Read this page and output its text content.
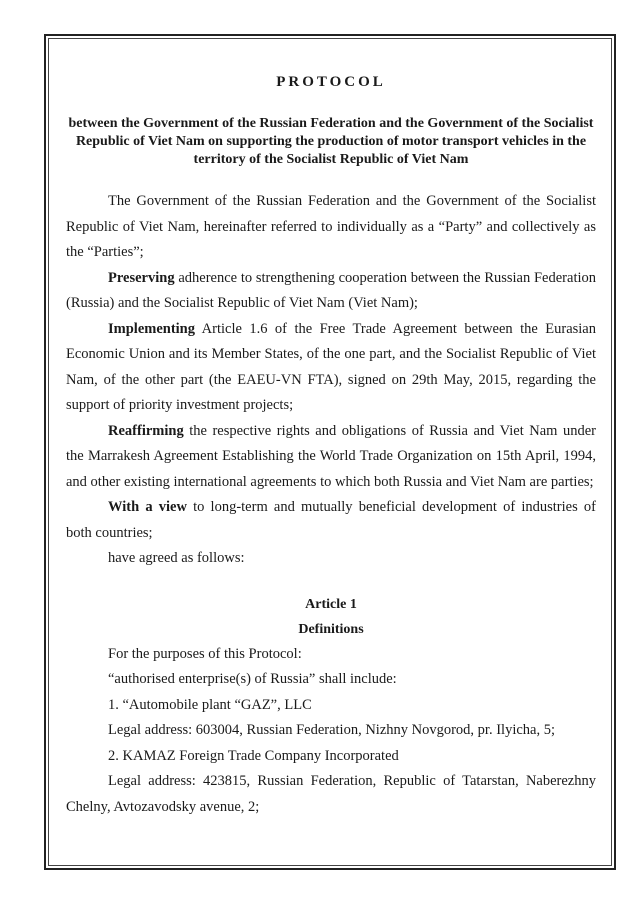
PROTOCOL
between the Government of the Russian Federation and the Government of the Socialist Republic of Viet Nam on supporting the production of motor transport vehicles in the territory of the Socialist Republic of Viet Nam

The Government of the Russian Federation and the Government of the Socialist Republic of Viet Nam, hereinafter referred to individually as a “Party” and collectively as the “Parties”;

Preserving adherence to strengthening cooperation between the Russian Federation (Russia) and the Socialist Republic of Viet Nam (Viet Nam);

Implementing Article 1.6 of the Free Trade Agreement between the Eurasian Economic Union and its Member States, of the one part, and the Socialist Republic of Viet Nam, of the other part (the EAEU-VN FTA), signed on 29th May, 2015, regarding the support of priority investment projects;

Reaffirming the respective rights and obligations of Russia and Viet Nam under the Marrakesh Agreement Establishing the World Trade Organization on 15th April, 1994, and other existing international agreements to which both Russia and Viet Nam are parties;

With a view to long-term and mutually beneficial development of industries of both countries;

have agreed as follows:

Article 1
Definitions

For the purposes of this Protocol:

“authorised enterprise(s) of Russia” shall include:

1. “Automobile plant “GAZ”, LLC

Legal address: 603004, Russian Federation, Nizhny Novgorod, pr. Ilyicha, 5;

2. KAMAZ Foreign Trade Company Incorporated

Legal address: 423815, Russian Federation, Republic of Tatarstan, Naberezhny Chelny, Avtozavodsky avenue, 2;
